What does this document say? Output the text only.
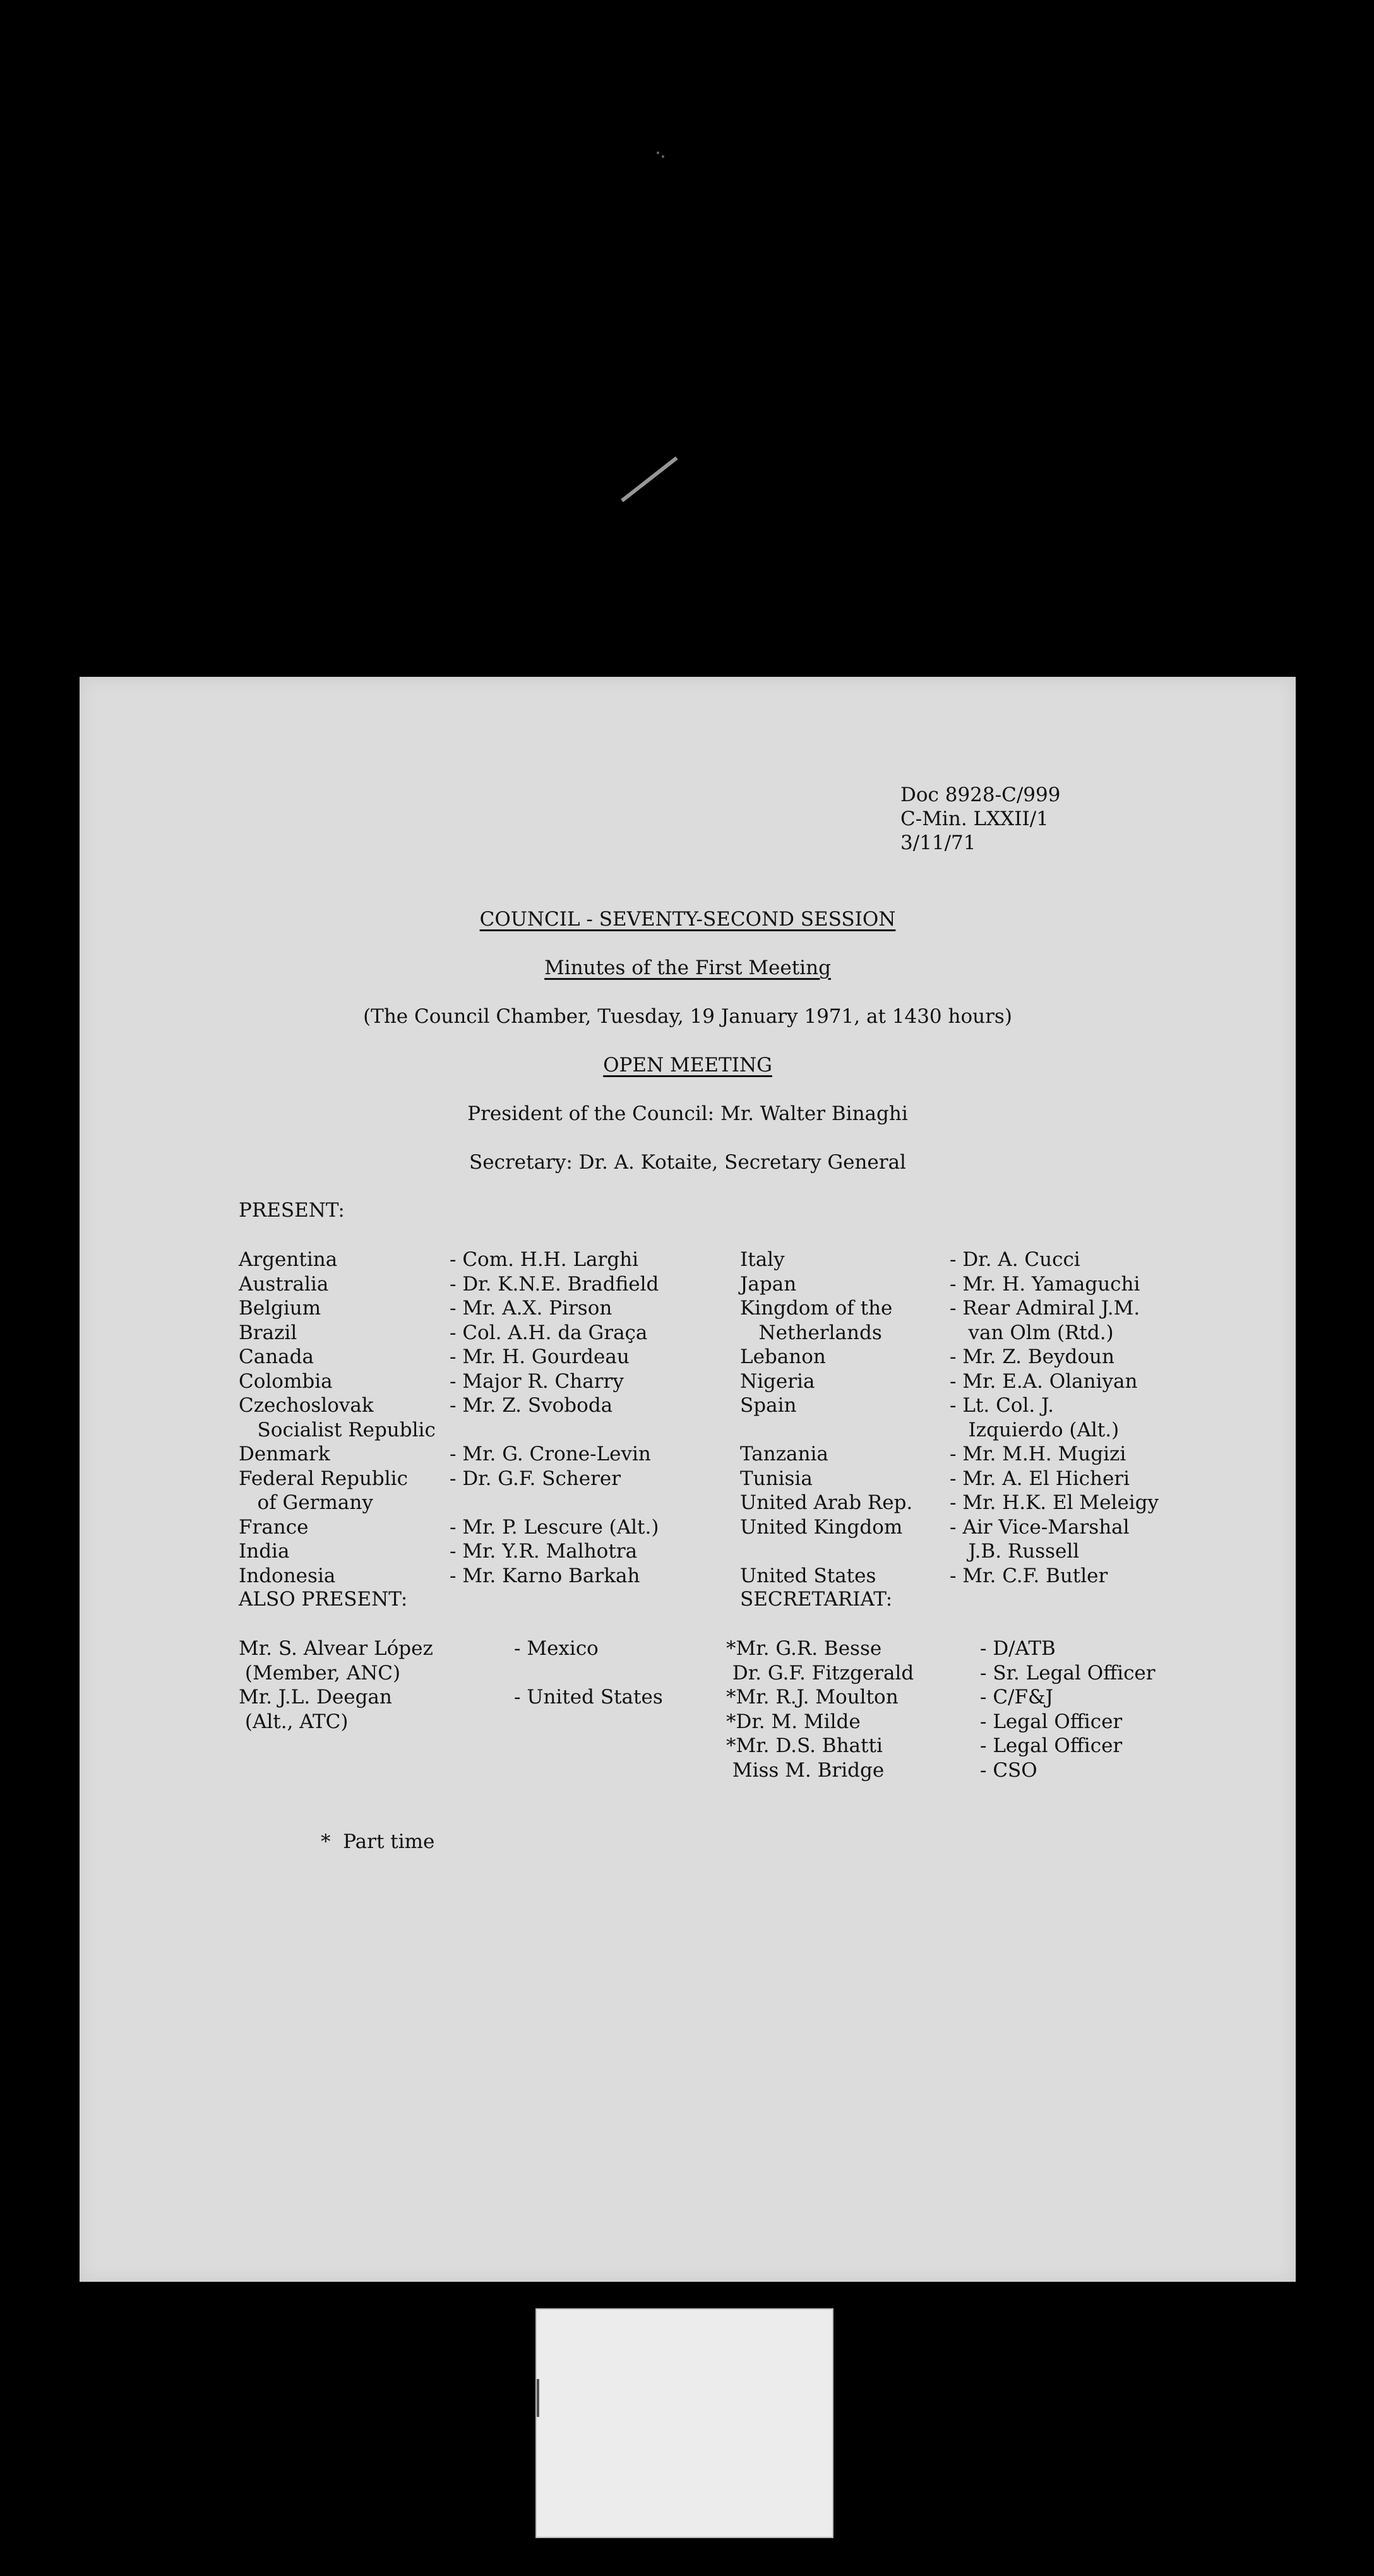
Doc 8928-C/999
C-Min. LXXII/1
3/11/71
COUNCIL - SEVENTY-SECOND SESSION
Minutes of the First Meeting
(The Council Chamber, Tuesday, 19 January 1971, at 1430 hours)
OPEN MEETING
President of the Council: Mr. Walter Binaghi
Secretary: Dr. A. Kotaite, Secretary General
PRESENT:
Argentina
Australia
Belgium
Brazil
Canada
Colombia
Czechoslovak
Socialist Republic
Denmark
Federal Republic
of Germany
France
India
Indonesia
- Com. H.H. Larghi
- Dr. K.N.E. Bradfield
- Mr. A.X. Pirson
- Col. A.H. da Graça
- Mr. H. Gourdeau
- Major R. Charry
- Mr. Z. Svoboda
- Mr. G. Crone-Levin
- Dr. G.F. Scherer
- Mr. P. Lescure (Alt.)
- Mr. Y.R. Malhotra
- Mr. Karno Barkah
Italy
Japan
Kingdom of the
Netherlands
Lebanon
Nigeria
Spain
Tanzania
Tunisia
United Arab Rep.
United Kingdom
United States
- Dr. A. Cucci
- Mr. H. Yamaguchi
- Rear Admiral J.M.
van Olm (Rtd.)
- Mr. Z. Beydoun
- Mr. E.A. Olaniyan
- Lt. Col. J.
Izquierdo (Alt.)
- Mr. M.H. Mugizi
- Mr. A. El Hicheri
- Mr. H.K. El Meleigy
- Air Vice-Marshal
J.B. Russell
- Mr. C.F. Butler
ALSO PRESENT:
Mr. S. Alvear López
(Member, ANC)
Mr. J.L. Deegan
(Alt., ATC)
- Mexico
- United States
SECRETARIAT:
*Mr. G.R. Besse
Dr. G.F. Fitzgerald
*Mr. R.J. Moulton
*Dr. M. Milde
*Mr. D.S. Bhatti
Miss M. Bridge
- D/ATB
- Sr. Legal Officer
- C/F&J
- Legal Officer
- Legal Officer
- CSO
*  Part time
